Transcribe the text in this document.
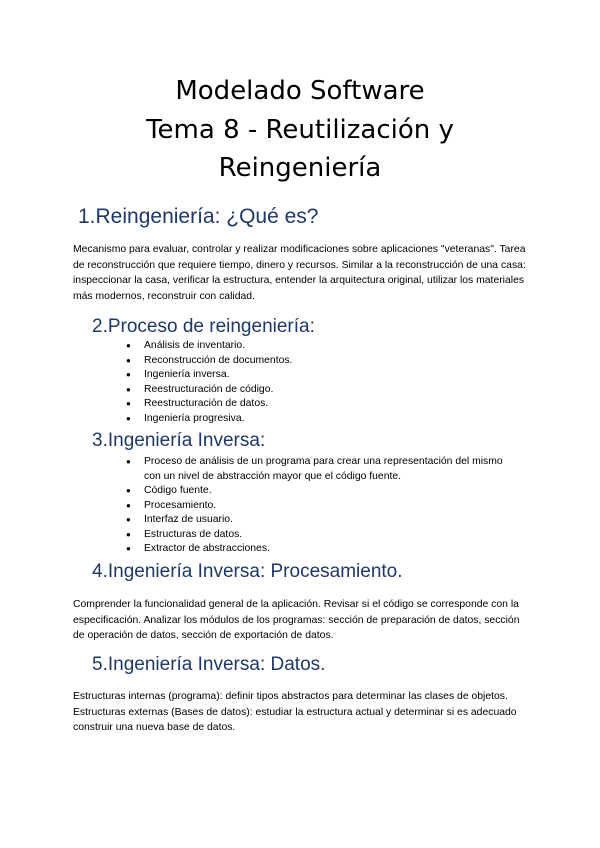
Modelado Software
Tema 8 - Reutilización y
Reingeniería
1.Reingeniería: ¿Qué es?

Mecanismo para evaluar, controlar y realizar modificaciones sobre aplicaciones "veteranas". Tarea de reconstrucción que requiere tiempo, dinero y recursos. Similar a la reconstrucción de una casa: inspeccionar la casa, verificar la estructura, entender la arquitectura original, utilizar los materiales más modernos, reconstruir con calidad.

2.Proceso de reingeniería:
● Análisis de inventario.
● Reconstrucción de documentos.
● Ingeniería inversa.
● Reestructuración de código.
● Reestructuración de datos.
● Ingeniería progresiva.
3.Ingeniería Inversa:
● Proceso de análisis de un programa para crear una representación del mismo con un nivel de abstracción mayor que el código fuente.
● Código fuente.
● Procesamiento.
● Interfaz de usuario.
● Estructuras de datos.
● Extractor de abstracciones.
4.Ingeniería Inversa: Procesamiento.

Comprender la funcionalidad general de la aplicación. Revisar si el código se corresponde con la especificación. Analizar los módulos de los programas: sección de preparación de datos, sección de operación de datos, sección de exportación de datos.

5.Ingeniería Inversa: Datos.

Estructuras internas (programa): definir tipos abstractos para determinar las clases de objetos. Estructuras externas (Bases de datos): estudiar la estructura actual y determinar si es adecuado construir una nueva base de datos.
